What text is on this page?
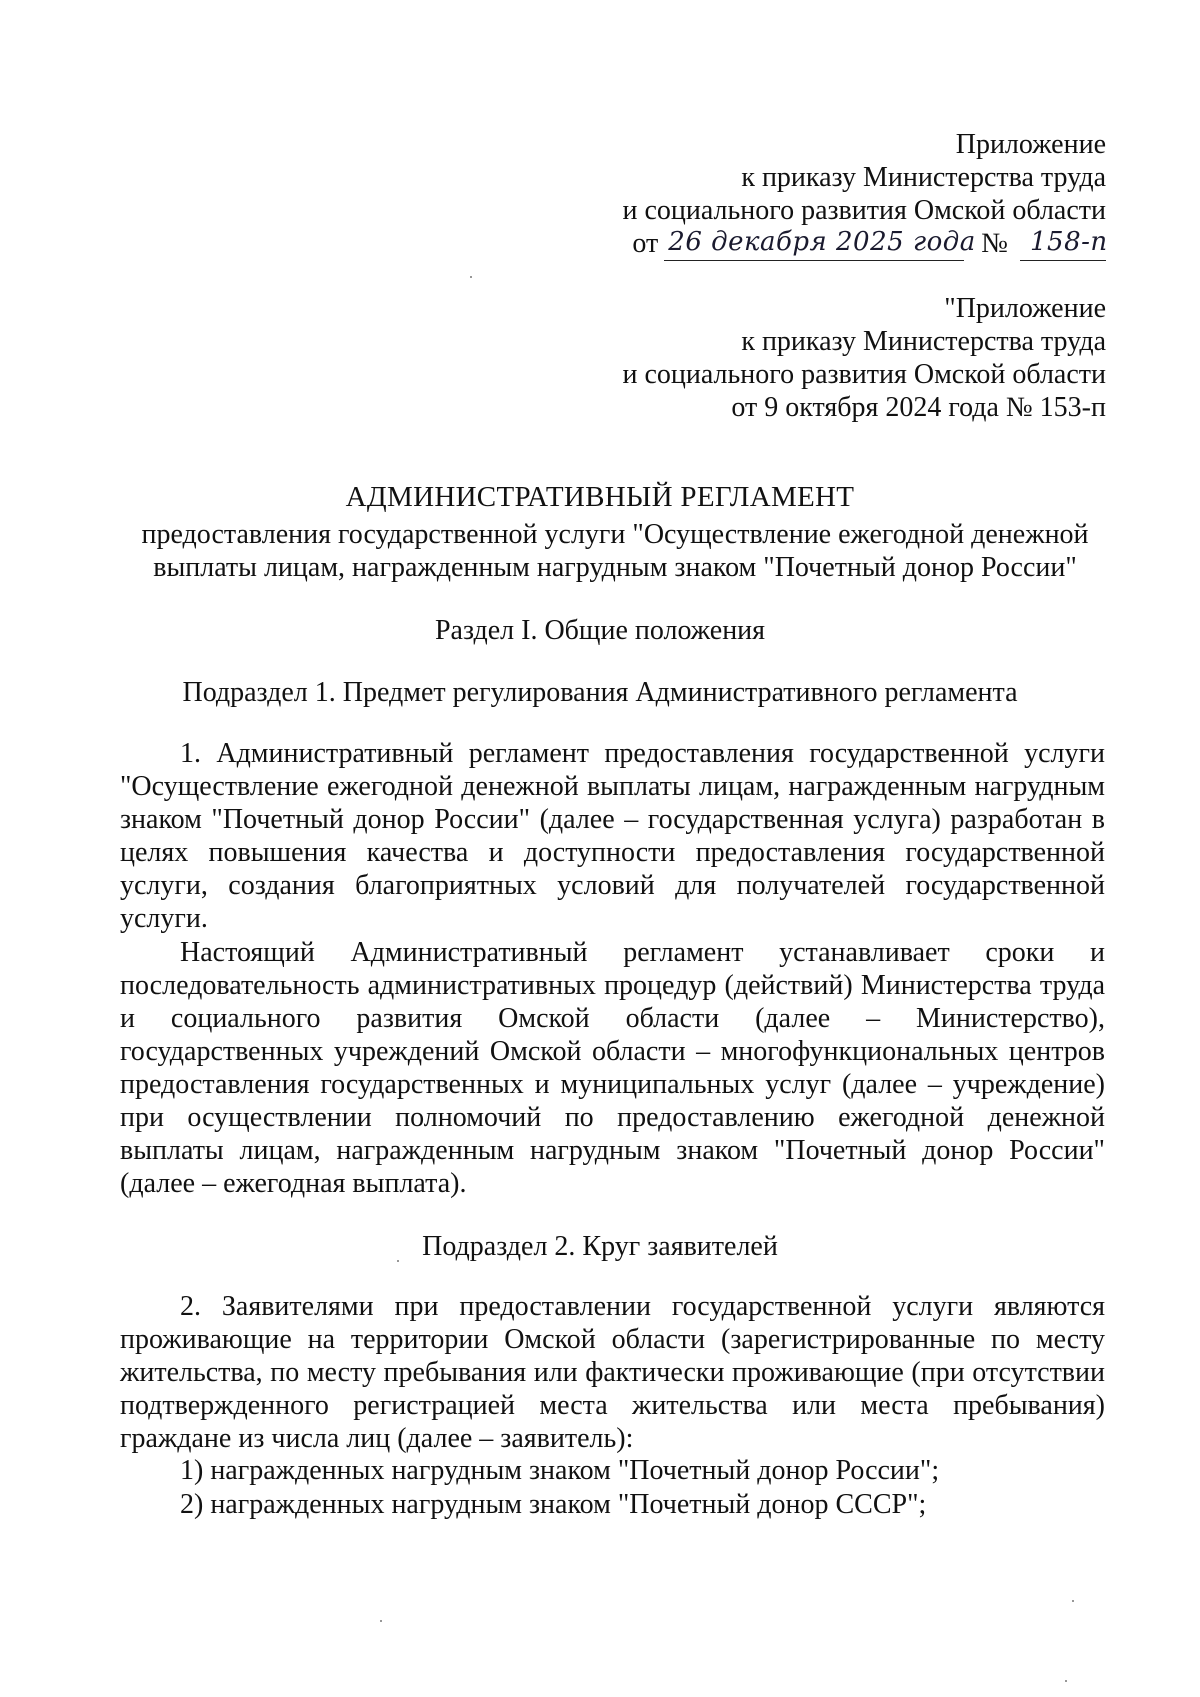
Приложение
к приказу Министерства труда
и социального развития Омской области
от 26 декабря 2025 года № 158-п
"Приложение
к приказу Министерства труда
и социального развития Омской области
от 9 октября 2024 года № 153-п
АДМИНИСТРАТИВНЫЙ РЕГЛАМЕНТ
предоставления государственной услуги "Осуществление ежегодной денежной выплаты лицам, награжденным нагрудным знаком "Почетный донор России"
Раздел I. Общие положения
Подраздел 1. Предмет регулирования Административного регламента
1. Административный регламент предоставления государственной услуги "Осуществление ежегодной денежной выплаты лицам, награжденным нагрудным знаком "Почетный донор России" (далее – государственная услуга) разработан в целях повышения качества и доступности предоставления государственной услуги, создания благоприятных условий для получателей государственной услуги.
Настоящий Административный регламент устанавливает сроки и последовательность административных процедур (действий) Министерства труда и социального развития Омской области (далее – Министерство), государственных учреждений Омской области – многофункциональных центров предоставления государственных и муниципальных услуг (далее – учреждение) при осуществлении полномочий по предоставлению ежегодной денежной выплаты лицам, награжденным нагрудным знаком "Почетный донор России" (далее – ежегодная выплата).
Подраздел 2. Круг заявителей
2. Заявителями при предоставлении государственной услуги являются проживающие на территории Омской области (зарегистрированные по месту жительства, по месту пребывания или фактически проживающие (при отсутствии подтвержденного регистрацией места жительства или места пребывания) граждане из числа лиц (далее – заявитель):
1) награжденных нагрудным знаком "Почетный донор России";
2) награжденных нагрудным знаком "Почетный донор СССР";
